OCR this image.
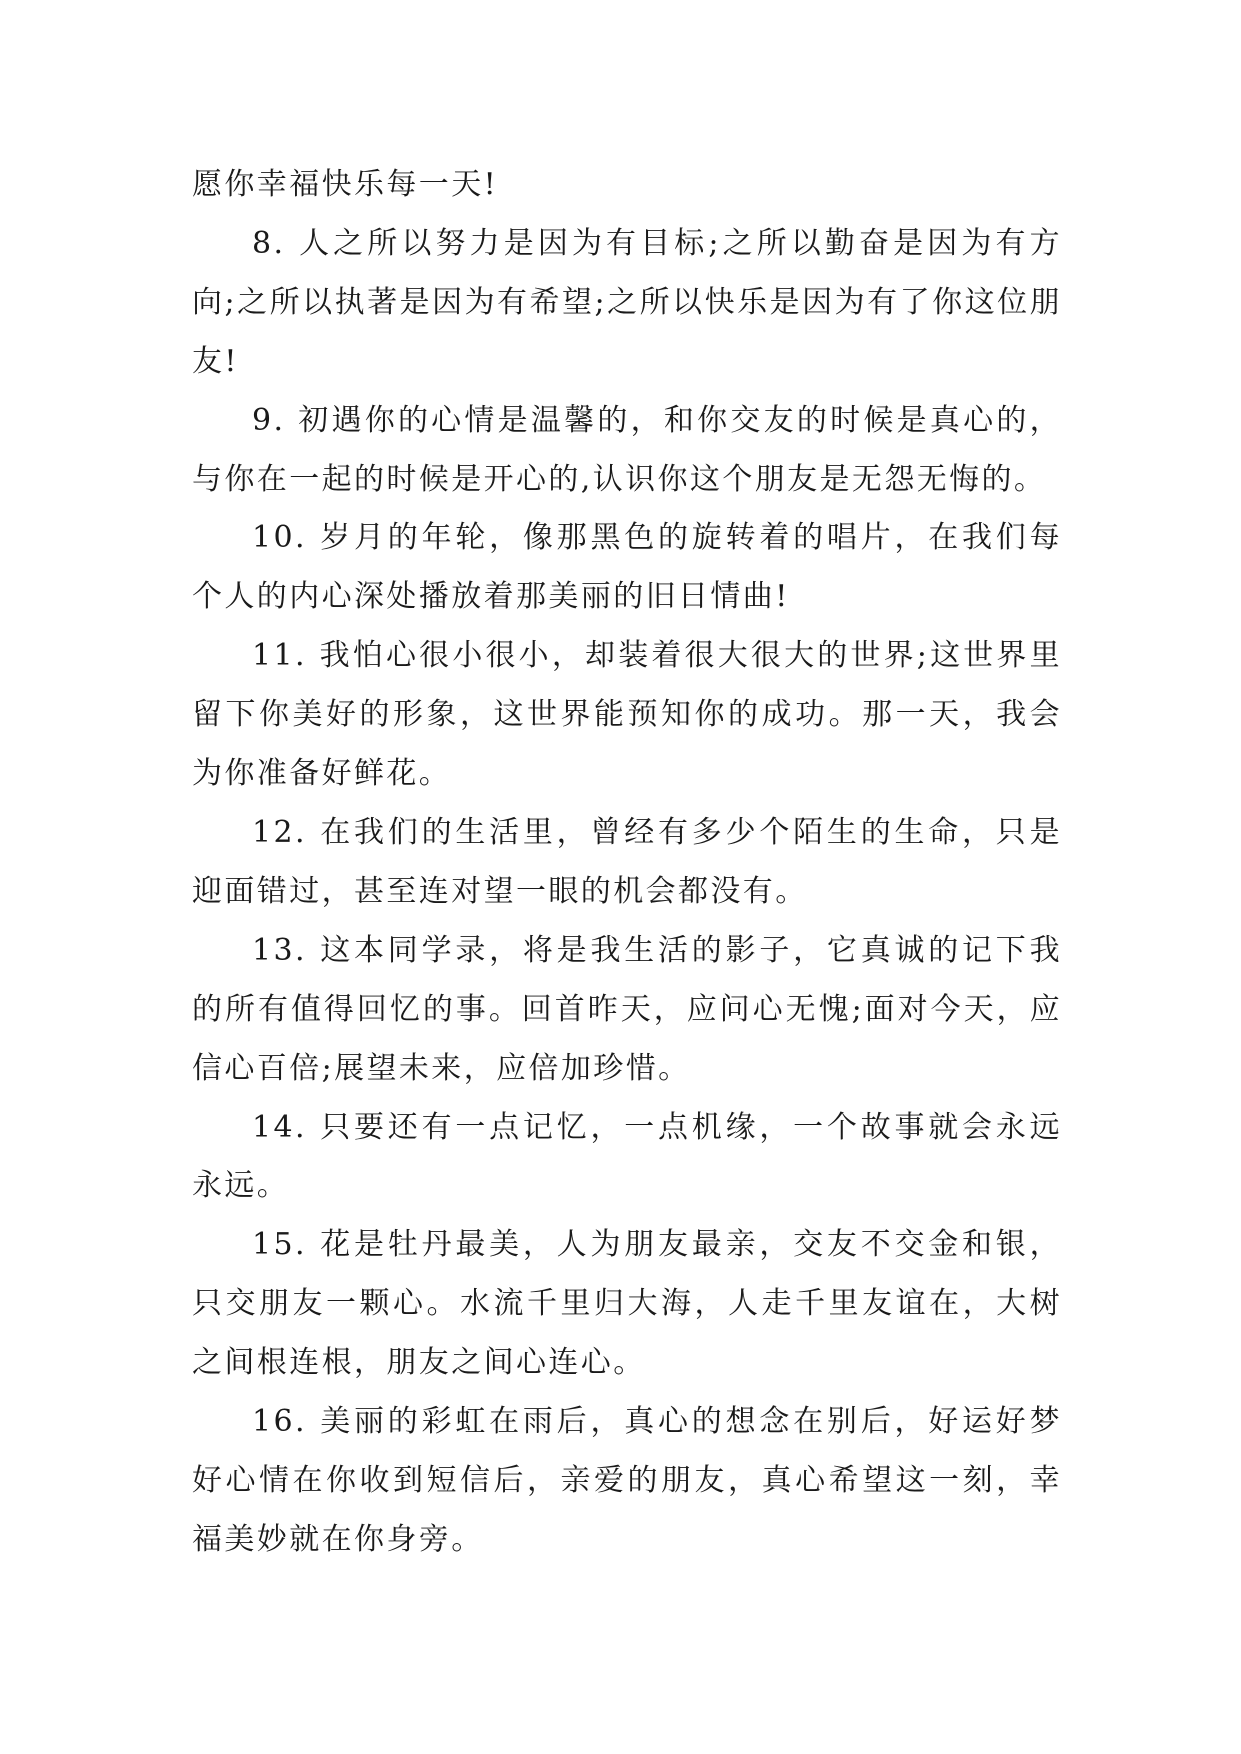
愿你幸福快乐每一天!

8. 人之所以努力是因为有目标;之所以勤奋是因为有方向;之所以执著是因为有希望;之所以快乐是因为有了你这位朋友!

9. 初遇你的心情是温馨的，和你交友的时候是真心的，与你在一起的时候是开心的,认识你这个朋友是无怨无悔的。

10. 岁月的年轮，像那黑色的旋转着的唱片，在我们每个人的内心深处播放着那美丽的旧日情曲!

11. 我怕心很小很小，却装着很大很大的世界;这世界里留下你美好的形象，这世界能预知你的成功。那一天，我会为你准备好鲜花。

12. 在我们的生活里，曾经有多少个陌生的生命，只是迎面错过，甚至连对望一眼的机会都没有。

13. 这本同学录，将是我生活的影子，它真诚的记下我的所有值得回忆的事。回首昨天，应问心无愧;面对今天，应信心百倍;展望未来，应倍加珍惜。

14. 只要还有一点记忆，一点机缘，一个故事就会永远永远。

15. 花是牡丹最美，人为朋友最亲，交友不交金和银，只交朋友一颗心。水流千里归大海，人走千里友谊在，大树之间根连根，朋友之间心连心。

16. 美丽的彩虹在雨后，真心的想念在别后，好运好梦好心情在你收到短信后，亲爱的朋友，真心希望这一刻，幸福美妙就在你身旁。
